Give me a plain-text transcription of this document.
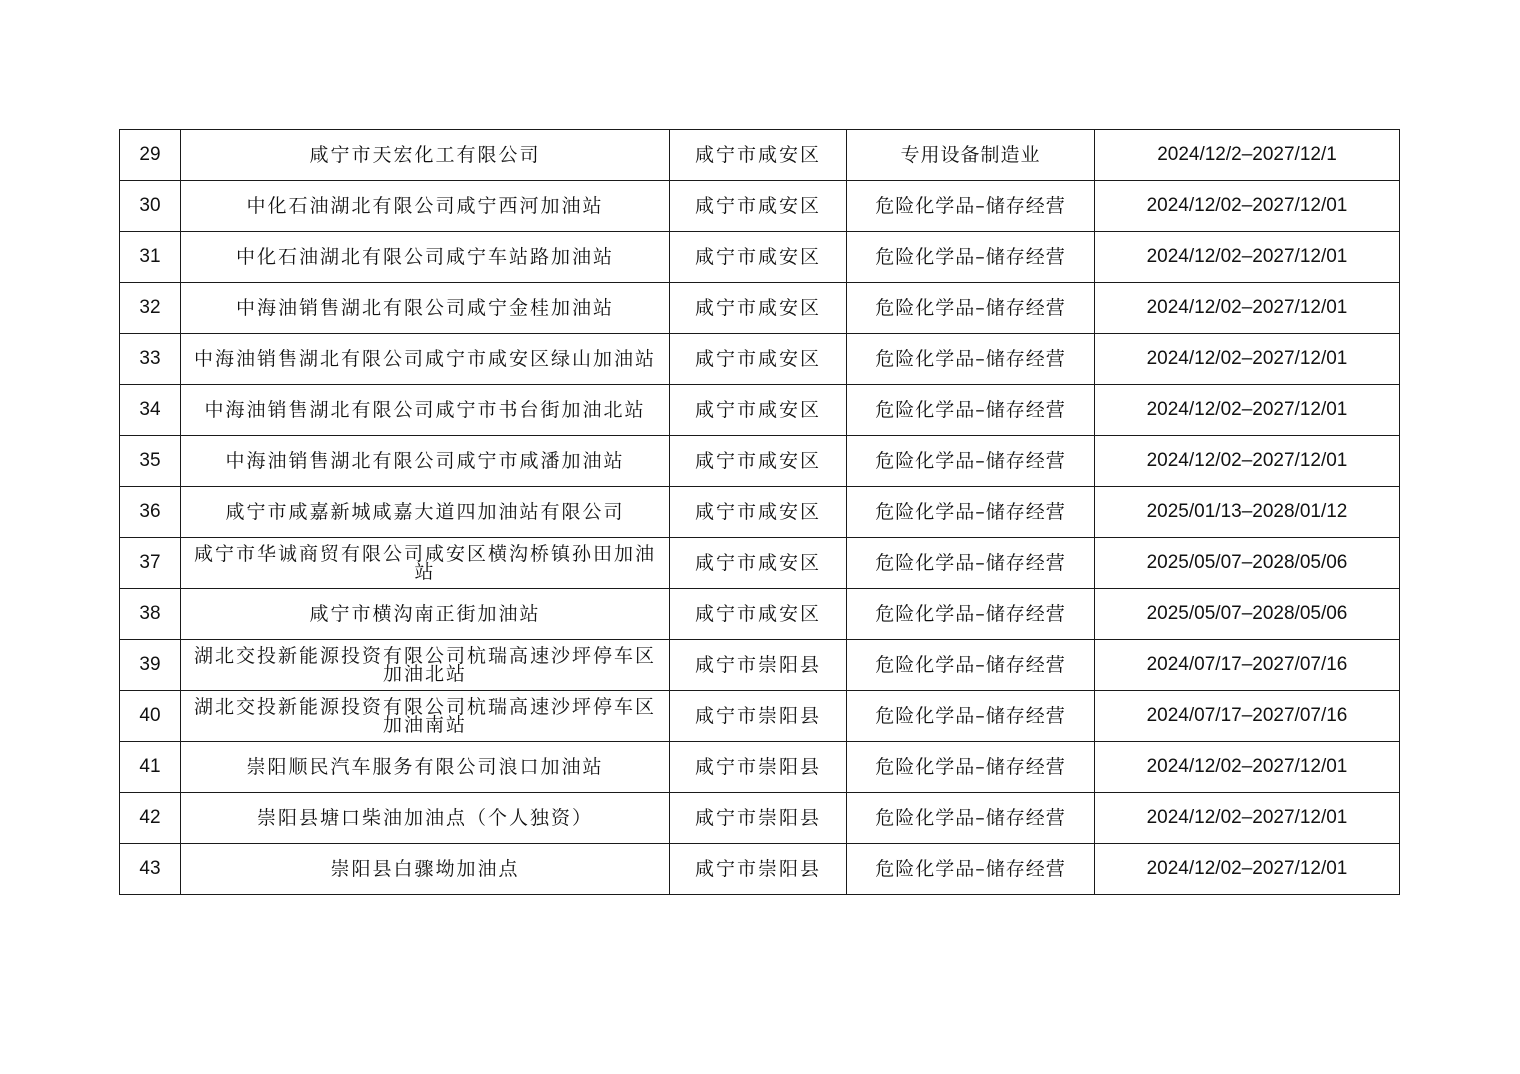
29	咸宁市天宏化工有限公司	咸宁市咸安区	专用设备制造业	2024/12/2–2027/12/1
30	中化石油湖北有限公司咸宁西河加油站	咸宁市咸安区	危险化学品–储存经营	2024/12/02–2027/12/01
31	中化石油湖北有限公司咸宁车站路加油站	咸宁市咸安区	危险化学品–储存经营	2024/12/02–2027/12/01
32	中海油销售湖北有限公司咸宁金桂加油站	咸宁市咸安区	危险化学品–储存经营	2024/12/02–2027/12/01
33	中海油销售湖北有限公司咸宁市咸安区绿山加油站	咸宁市咸安区	危险化学品–储存经营	2024/12/02–2027/12/01
34	中海油销售湖北有限公司咸宁市书台街加油北站	咸宁市咸安区	危险化学品–储存经营	2024/12/02–2027/12/01
35	中海油销售湖北有限公司咸宁市咸潘加油站	咸宁市咸安区	危险化学品–储存经营	2024/12/02–2027/12/01
36	咸宁市咸嘉新城咸嘉大道四加油站有限公司	咸宁市咸安区	危险化学品–储存经营	2025/01/13–2028/01/12
37	咸宁市华诚商贸有限公司咸安区横沟桥镇孙田加油站	咸宁市咸安区	危险化学品–储存经营	2025/05/07–2028/05/06
38	咸宁市横沟南正街加油站	咸宁市咸安区	危险化学品–储存经营	2025/05/07–2028/05/06
39	湖北交投新能源投资有限公司杭瑞高速沙坪停车区加油北站	咸宁市崇阳县	危险化学品–储存经营	2024/07/17–2027/07/16
40	湖北交投新能源投资有限公司杭瑞高速沙坪停车区加油南站	咸宁市崇阳县	危险化学品–储存经营	2024/07/17–2027/07/16
41	崇阳顺民汽车服务有限公司浪口加油站	咸宁市崇阳县	危险化学品–储存经营	2024/12/02–2027/12/01
42	崇阳县塘口柴油加油点（个人独资）	咸宁市崇阳县	危险化学品–储存经营	2024/12/02–2027/12/01
43	崇阳县白骤坳加油点	咸宁市崇阳县	危险化学品–储存经营	2024/12/02–2027/12/01
